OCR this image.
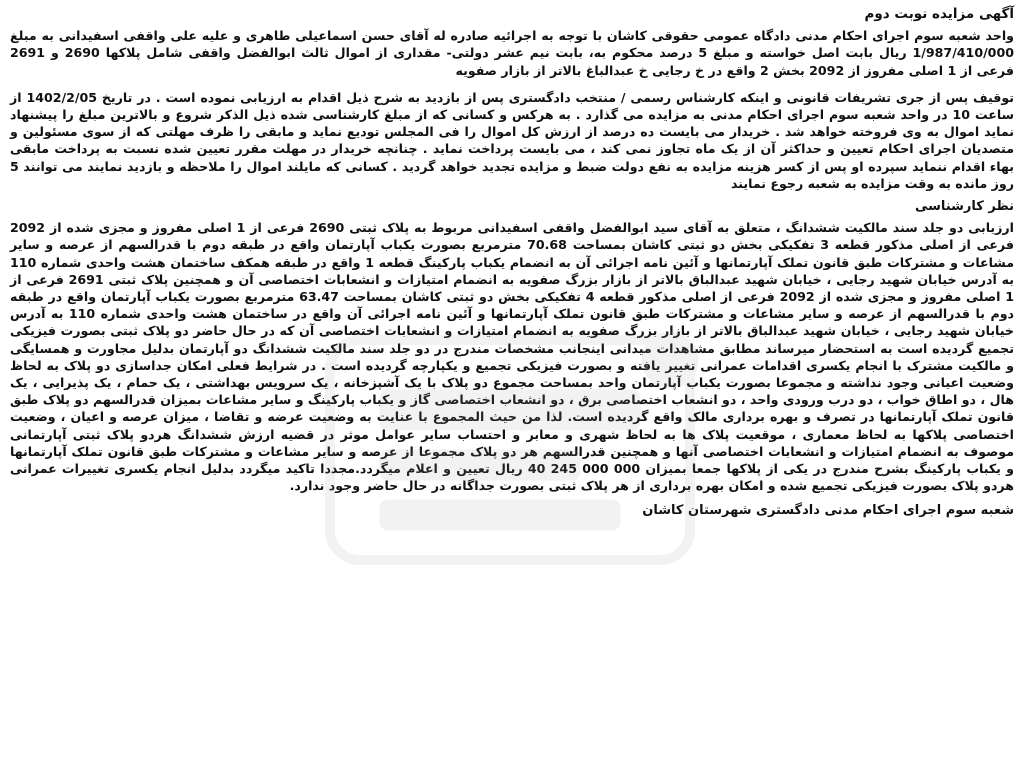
آگهی مزایده نوبت دوم

واحد شعبه سوم اجرای احکام مدنی دادگاه عمومی حقوقی کاشان با توجه به اجرائیه صادره له آقای حسن اسماعیلی طاهری و علیه علی واقفی اسفیدانی به مبلغ 1/987/410/000 ریال بابت اصل خواسته و مبلغ 5 درصد محکوم به، بابت نیم عشر دولتی- مقداری از اموال ثالث ابوالفضل واقفی شامل پلاکها 2690 و 2691 فرعی از 1 اصلی مفروز از 2092 بخش 2 واقع در خ رجایی خ عبدالباغ بالاتر از بازار صفویه

توقیف پس از جری تشریفات قانونی و اینکه کارشناس رسمی / منتخب دادگستری پس از بازدید به شرح ذیل اقدام به ارزیابی نموده است . در تاریخ 1402/2/05 از ساعت 10 در واحد شعبه سوم اجرای احکام مدنی به مزایده می گذارد . به هرکس و کسانی که از مبلغ کارشناسی شده ذیل الذکر شروع و بالاترین مبلغ را پیشنهاد نماید اموال به وی فروخته خواهد شد . خریدار می بایست ده درصد از ارزش کل اموال را فی المجلس تودیع نماید و مابقی را ظرف مهلتی که از سوی مسئولین و متصدیان اجرای احکام تعیین و حداکثر آن از یک ماه تجاوز نمی کند ، می بایست پرداخت نماید . چنانچه خریدار در مهلت مقرر تعیین شده نسبت به پرداخت مابقی بهاء اقدام ننماید سپرده او پس از کسر هزینه مزایده به نفع دولت ضبط و مزایده تجدید خواهد گردید . کسانی که مایلند اموال را ملاحظه و بازدید نمایند می توانند 5 روز مانده به وقت مزایده به شعبه رجوع نمایند

نظر کارشناسی

ارزیابی دو جلد سند مالکیت ششدانگ ، متعلق به آقای سید ابوالفضل واقفی اسفیدانی مربوط به پلاک ثبتی 2690 فرعی از 1 اصلی مفروز و مجزی شده از 2092 فرعی از اصلی مذکور قطعه 3 تفکیکی بخش دو ثبتی کاشان بمساحت 70.68 مترمربع بصورت یکباب آپارتمان واقع در طبقه دوم با قدرالسهم از عرصه و سایر مشاعات و مشترکات طبق قانون تملک آپارتمانها و آئین نامه اجرائی آن به انضمام یکباب پارکینگ قطعه 1 واقع در طبقه همکف ساختمان هشت واحدی شماره 110 به آدرس خیابان شهید رجایی ، خیابان شهید عبدالباق بالاتر از بازار بزرگ صفویه به انضمام امتیازات و انشعابات اختصاصی آن و همچنین پلاک ثبتی 2691 فرعی از 1 اصلی مفروز و مجزی شده از 2092 فرعی از اصلی مذکور قطعه 4 تفکیکی بخش دو ثبتی کاشان بمساحت 63.47 مترمربع بصورت یکباب آپارتمان واقع در طبقه دوم با قدرالسهم از عرصه و سایر مشاعات و مشترکات طبق قانون تملک آپارتمانها و آئین نامه اجرائی آن واقع در ساختمان هشت واحدی شماره 110 به آدرس خیابان شهید رجایی ، خیابان شهید عبدالباق بالاتر از بازار بزرگ صفویه به انضمام امتیازات و انشعابات اختصاصی آن که در حال حاضر دو پلاک ثبتی بصورت فیزیکی تجمیع گردیده است به استحضار میرساند مطابق مشاهدات میدانی اینجانب مشخصات مندرج در دو جلد سند مالکیت ششدانگ دو آپارتمان بدلیل مجاورت و همسایگی و مالکیت مشترک با انجام یکسری اقدامات عمرانی تغییر یافته و بصورت فیزیکی تجمیع و یکپارچه گردیده است . در شرایط فعلی امکان جداسازی دو پلاک به لحاظ وضعیت اعیانی وجود نداشته و مجموعا بصورت یکباب آپارتمان واحد بمساحت مجموع دو پلاک با یک آشپزخانه ، یک سرویس بهداشتی ، یک حمام ، یک پذیرایی ، یک هال ، دو اطاق خواب ، دو درب ورودی واحد ، دو انشعاب اختصاصی برق ، دو انشعاب اختصاصی گاز و یکباب پارکینگ و سایر مشاعات بمیزان قدرالسهم دو پلاک طبق قانون تملک آپارتمانها در تصرف و بهره برداری مالک واقع گردیده است. لذا من حیث المجموع با عنایت به وضعیت عرضه و تقاضا ، میزان عرصه و اعیان ، وضعیت اختصاصی پلاکها به لحاظ معماری ، موقعیت پلاک ها به لحاظ شهری و معابر و احتساب سایر عوامل موثر در قضیه ارزش ششدانگ هردو پلاک ثبتی آپارتمانی موصوف به انضمام امتیازات و انشعابات اختصاصی آنها و همچنین قدرالسهم هر دو پلاک مجموعا از عرصه و سایر مشاعات و مشترکات طبق قانون تملک آپارتمانها و یکباب پارکینگ بشرح مندرج در یکی از پلاکها جمعا بمیزان 000 000 245 40 ریال تعیین و اعلام میگردد.مجددا تاکید میگردد بدلیل انجام یکسری تغییرات عمرانی هردو پلاک بصورت فیزیکی تجمیع شده و امکان بهره برداری از هر پلاک ثبتی بصورت جداگانه در حال حاضر وجود ندارد.

شعبه سوم اجرای احکام مدنی دادگستری شهرستان کاشان
